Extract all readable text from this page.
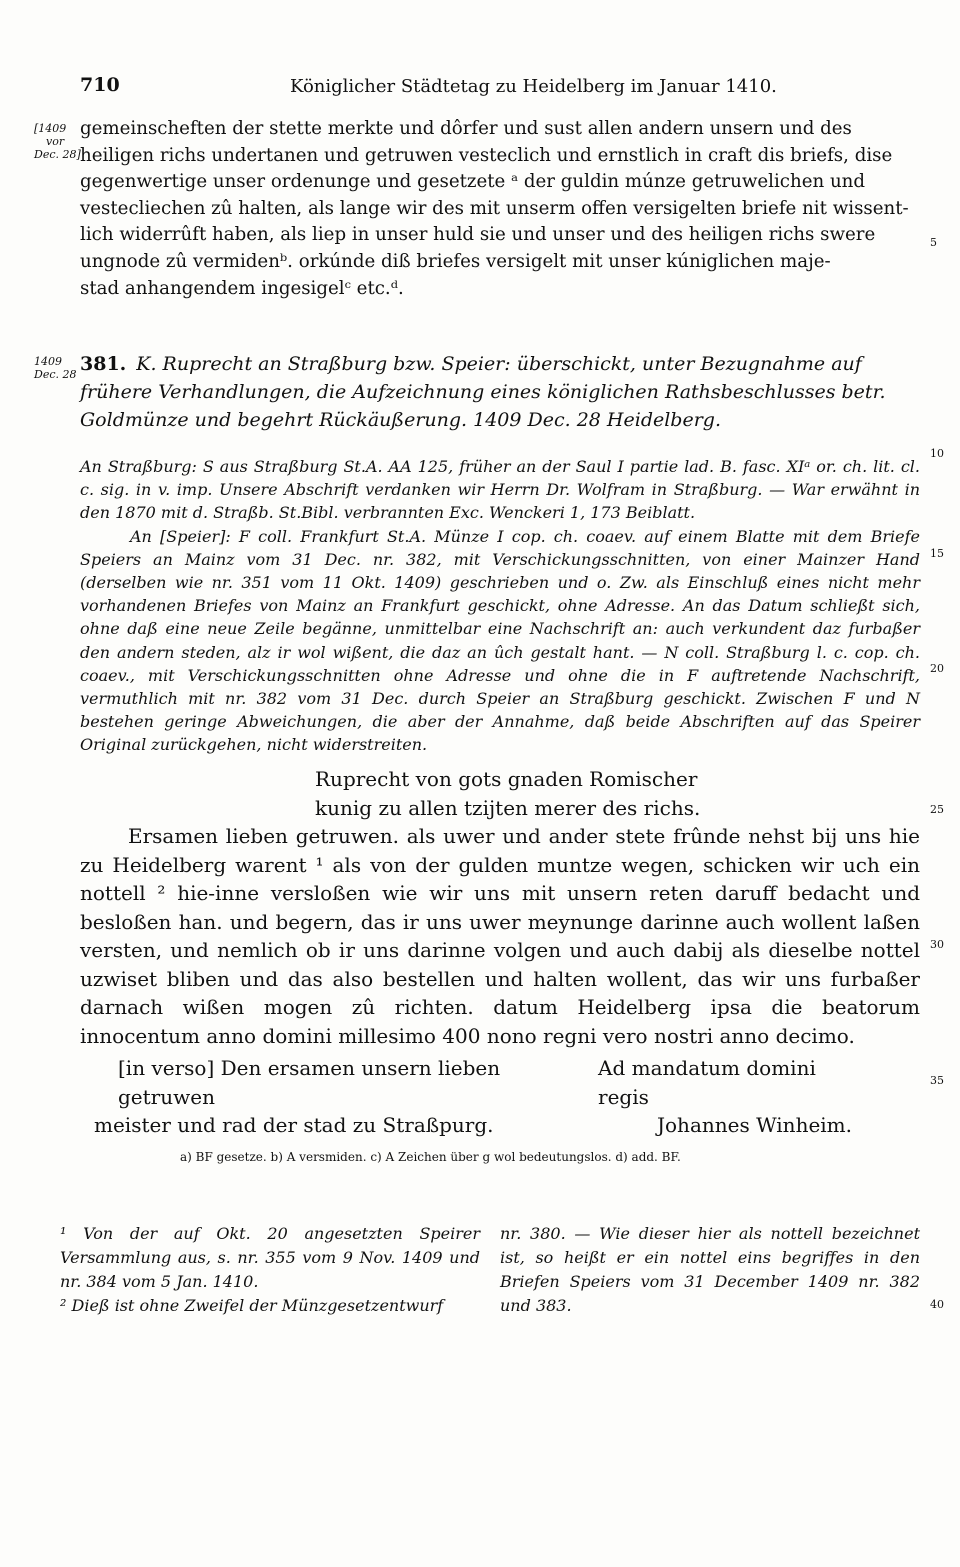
710	Königlicher Städtetag zu Heidelberg im Januar 1410.
[1409
vor
Dec. 28]
1409
Dec. 28
5
10
15
20
25
30
35
40

gemeinscheften der stette merkte und dôrfer und sust allen andern unsern und des

heiligen richs undertanen und getruwen vesteclich und ernstlich in craft dis briefs, dise

gegenwertige unser ordenunge und gesetzete ᵃ der guldin múnze getruwelichen und

vestecliechen zû halten, als lange wir des mit unserm offen versigelten briefe nit wissent-

lich widerrûft haben, als liep in unser huld sie und unser und des heiligen richs swere

ungnode zû vermidenᵇ. orkúnde diß briefes versigelt mit unser kúniglichen maje-

stad anhangendem ingesigelᶜ etc.ᵈ.

381. K. Ruprecht an Straßburg bzw. Speier: überschickt, unter Bezugnahme auf frühere Verhandlungen, die Aufzeichnung eines königlichen Rathsbeschlusses betr. Goldmünze und begehrt Rückäußerung. 1409 Dec. 28 Heidelberg.

An Straßburg: S aus Straßburg St.A. AA 125, früher an der Saul I partie lad. B. fasc. XIᵃ or. ch. lit. cl. c. sig. in v. imp. Unsere Abschrift verdanken wir Herrn Dr. Wolfram in Straßburg. — War erwähnt in den 1870 mit d. Straßb. St.Bibl. verbrannten Exc. Wenckeri 1, 173 Beiblatt.

An [Speier]: F coll. Frankfurt St.A. Münze I cop. ch. coaev. auf einem Blatte mit dem Briefe Speiers an Mainz vom 31 Dec. nr. 382, mit Verschickungsschnitten, von einer Mainzer Hand (derselben wie nr. 351 vom 11 Okt. 1409) geschrieben und o. Zw. als Einschluß eines nicht mehr vorhandenen Briefes von Mainz an Frankfurt geschickt, ohne Adresse. An das Datum schließt sich, ohne daß eine neue Zeile begänne, unmittelbar eine Nachschrift an: auch verkundent daz furbaßer den andern steden, alz ir wol wißent, die daz an ûch gestalt hant. — N coll. Straßburg l. c. cop. ch. coaev., mit Verschickungsschnitten ohne Adresse und ohne die in F auftretende Nachschrift, vermuthlich mit nr. 382 vom 31 Dec. durch Speier an Straßburg geschickt. Zwischen F und N bestehen geringe Abweichungen, die aber der Annahme, daß beide Abschriften auf das Speirer Original zurückgehen, nicht widerstreiten.

Ruprecht von gots gnaden Romischer

kunig zu allen tzijten merer des richs.

Ersamen lieben getruwen. als uwer und ander stete frûnde nehst bij uns hie zu Heidelberg warent ¹ als von der gulden muntze wegen, schicken wir uch ein nottell ² hie-inne versloßen wie wir uns mit unsern reten daruff bedacht und besloßen han. und begern, das ir uns uwer meynunge darinne auch wollent laßen versten, und nemlich ob ir uns darinne volgen und auch dabij als dieselbe nottel uzwiset bliben und das also bestellen und halten wollent, das wir uns furbaßer darnach wißen mogen zû richten. datum Heidelberg ipsa die beatorum innocentum anno domini millesimo 400 nono regni vero nostri anno decimo.

[in verso] Den ersamen unsern lieben getruwen
Ad mandatum domini regis
meister und rad der stad zu Straßpurg.	Johannes Winheim.
a) BF gesetze. b) A versmiden. c) A Zeichen über g wol bedeutungslos. d) add. BF.
¹ Von der auf Okt. 20 angesetzten Speirer Versammlung aus, s. nr. 355 vom 9 Nov. 1409 und nr. 384 vom 5 Jan. 1410.
² Dieß ist ohne Zweifel der Münzgesetzentwurf
nr. 380. — Wie dieser hier als nottell bezeichnet ist, so heißt er ein nottel eins begriffes in den Briefen Speiers vom 31 December 1409 nr. 382 und 383.
